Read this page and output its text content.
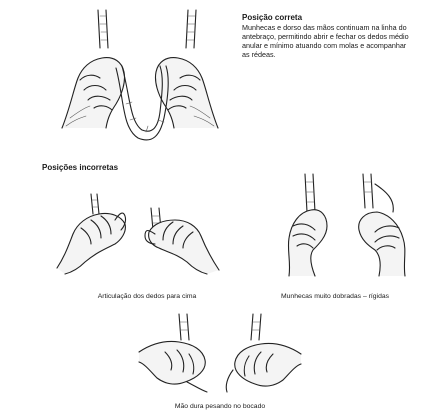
Posição correta
Munhecas e dorso das mãos continuam na linha do
antebraço, permitindo abrir e fechar os dedos médio
anular e mínimo atuando com molas e acompanhar
as rédeas.
Posições incorretas
Articulação dos dedos para cima	Munhecas muito dobradas – rígidas
Mão dura pesando no bocado
